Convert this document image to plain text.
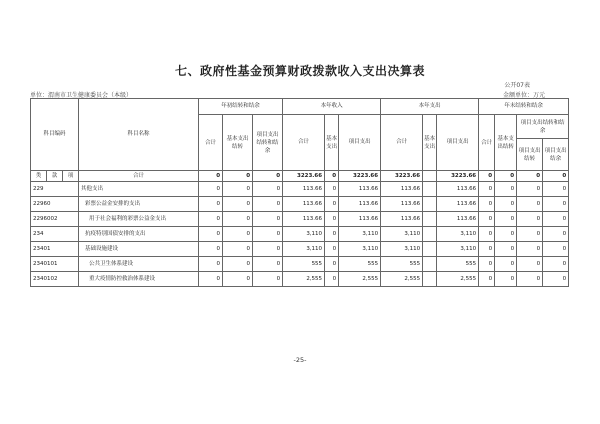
七、政府性基金预算财政拨款收入支出决算表
公开07表
单位：渭南市卫生健康委员会（本级）	金额单位：万元
科目编码			科目名称	年初结转和结余			本年收入			本年支出			年末结转和结余			
				合计	基本支出结转	项目支出结转和结余	合计	基本支出	项目支出	合计	基本支出	项目支出	合计	基本支出结转	项目支出结转和结余	
															项目支出结转	项目支出结余
类	款	项	合计	0	0	0	3223.66	0	3223.66	3223.66		3223.66	0	0	0	0
229			其他支出	0	0	0	113.66	0	113.66	113.66		113.66	0	0	0	0
22960			彩票公益金安排的支出	0	0	0	113.66	0	113.66	113.66		113.66	0	0	0	0
2296002			用于社会福利的彩票公益金支出	0	0	0	113.66	0	113.66	113.66		113.66	0	0	0	0
234			抗疫特别国债安排的支出	0	0	0	3,110	0	3,110	3,110		3,110	0	0	0	0
23401			基础设施建设	0	0	0	3,110	0	3,110	3,110		3,110	0	0	0	0
2340101			公共卫生体系建设	0	0	0	555	0	555	555		555	0	0	0	0
2340102			重大疫情防控救治体系建设	0	0	0	2,555	0	2,555	2,555		2,555	0	0	0	0
-25-
